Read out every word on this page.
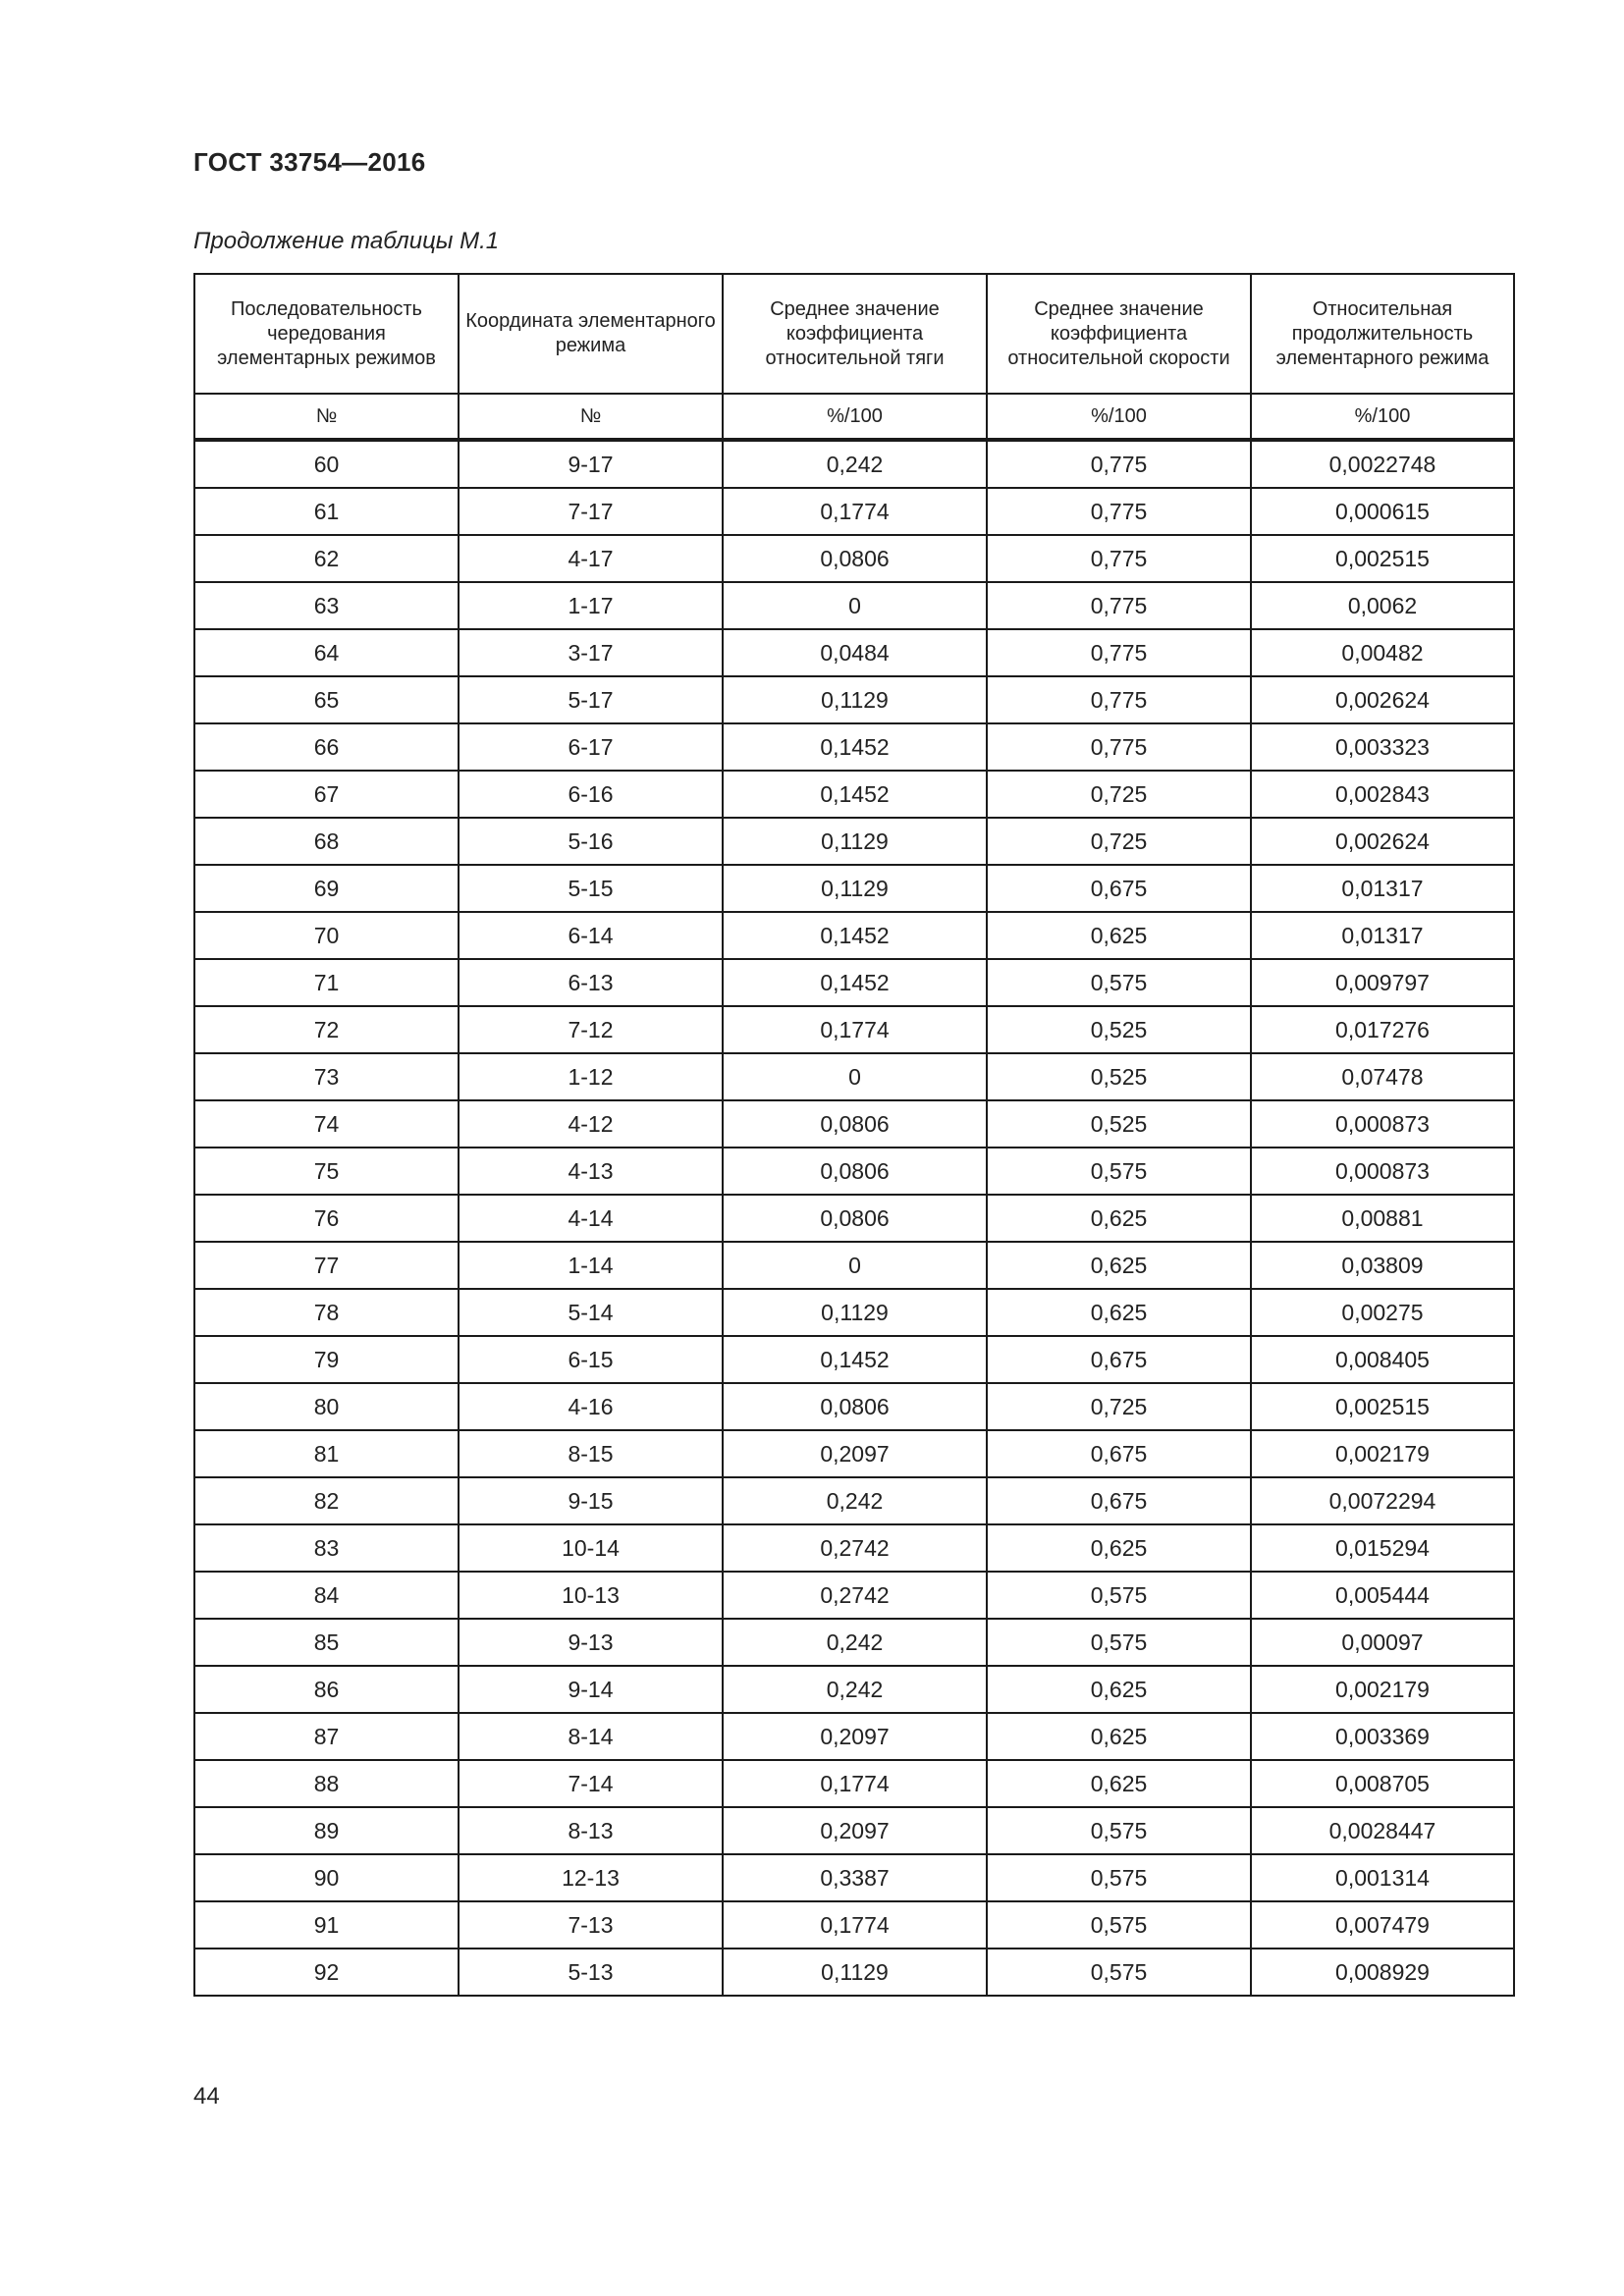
ГОСТ 33754—2016
Продолжение таблицы М.1
Последовательность чередования элементарных режимов	Координата элементарного режима	Среднее значение коэффициента относительной тяги	Среднее значение коэффициента относительной скорости	Относительная продолжительность элементарного режима
№	№	%/100	%/100	%/100
60	9-17	0,242	0,775	0,0022748
61	7-17	0,1774	0,775	0,000615
62	4-17	0,0806	0,775	0,002515
63	1-17	0	0,775	0,0062
64	3-17	0,0484	0,775	0,00482
65	5-17	0,1129	0,775	0,002624
66	6-17	0,1452	0,775	0,003323
67	6-16	0,1452	0,725	0,002843
68	5-16	0,1129	0,725	0,002624
69	5-15	0,1129	0,675	0,01317
70	6-14	0,1452	0,625	0,01317
71	6-13	0,1452	0,575	0,009797
72	7-12	0,1774	0,525	0,017276
73	1-12	0	0,525	0,07478
74	4-12	0,0806	0,525	0,000873
75	4-13	0,0806	0,575	0,000873
76	4-14	0,0806	0,625	0,00881
77	1-14	0	0,625	0,03809
78	5-14	0,1129	0,625	0,00275
79	6-15	0,1452	0,675	0,008405
80	4-16	0,0806	0,725	0,002515
81	8-15	0,2097	0,675	0,002179
82	9-15	0,242	0,675	0,0072294
83	10-14	0,2742	0,625	0,015294
84	10-13	0,2742	0,575	0,005444
85	9-13	0,242	0,575	0,00097
86	9-14	0,242	0,625	0,002179
87	8-14	0,2097	0,625	0,003369
88	7-14	0,1774	0,625	0,008705
89	8-13	0,2097	0,575	0,0028447
90	12-13	0,3387	0,575	0,001314
91	7-13	0,1774	0,575	0,007479
92	5-13	0,1129	0,575	0,008929
44
